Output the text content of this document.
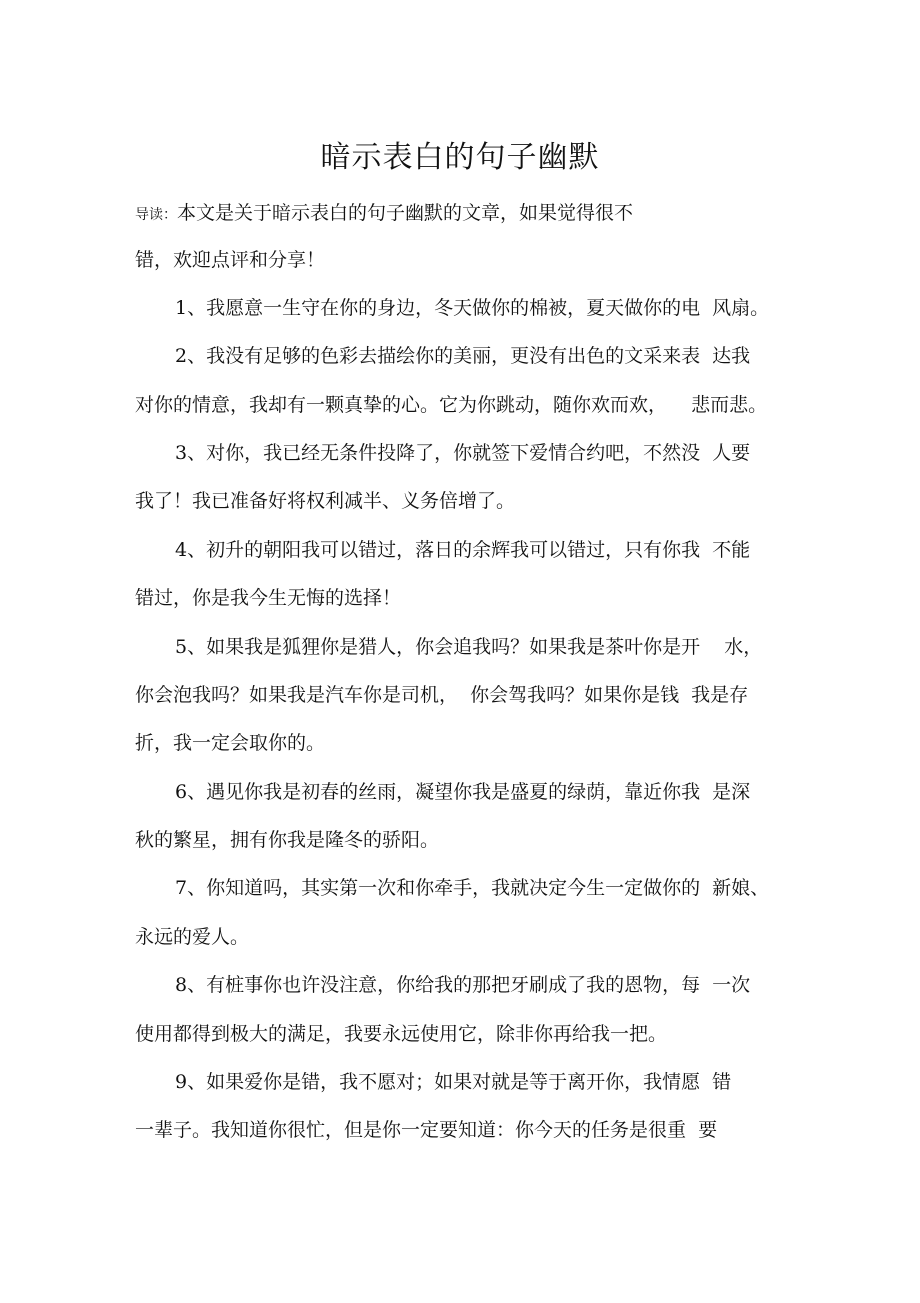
暗示表白的句子幽默
导读：本文是关于暗示表白的句子幽默的文章，如果觉得很不
错，欢迎点评和分享！
1、我愿意一生守在你的身边，冬天做你的棉被，夏天做你的电  风扇。
2、我没有足够的色彩去描绘你的美丽，更没有出色的文采来表  达我
对你的情意，我却有一颗真挚的心。它为你跳动，随你欢而欢，    悲而悲。
3、对你，我已经无条件投降了，你就签下爱情合约吧，不然没  人要
我了！我已准备好将权利减半、义务倍增了。
4、初升的朝阳我可以错过，落日的余辉我可以错过，只有你我  不能
错过，你是我今生无悔的选择！
5、如果我是狐狸你是猎人，你会追我吗？如果我是茶叶你是开    水，
你会泡我吗？如果我是汽车你是司机，  你会驾我吗？如果你是钱  我是存
折，我一定会取你的。
6、遇见你我是初春的丝雨，凝望你我是盛夏的绿荫，靠近你我  是深
秋的繁星，拥有你我是隆冬的骄阳。
7、你知道吗，其实第一次和你牵手，我就决定今生一定做你的  新娘、
永远的爱人。
8、有桩事你也许没注意，你给我的那把牙刷成了我的恩物，每  一次
使用都得到极大的满足，我要永远使用它，除非你再给我一把。
9、如果爱你是错，我不愿对；如果对就是等于离开你，我情愿  错
一辈子。我知道你很忙，但是你一定要知道：你今天的任务是很重  要
